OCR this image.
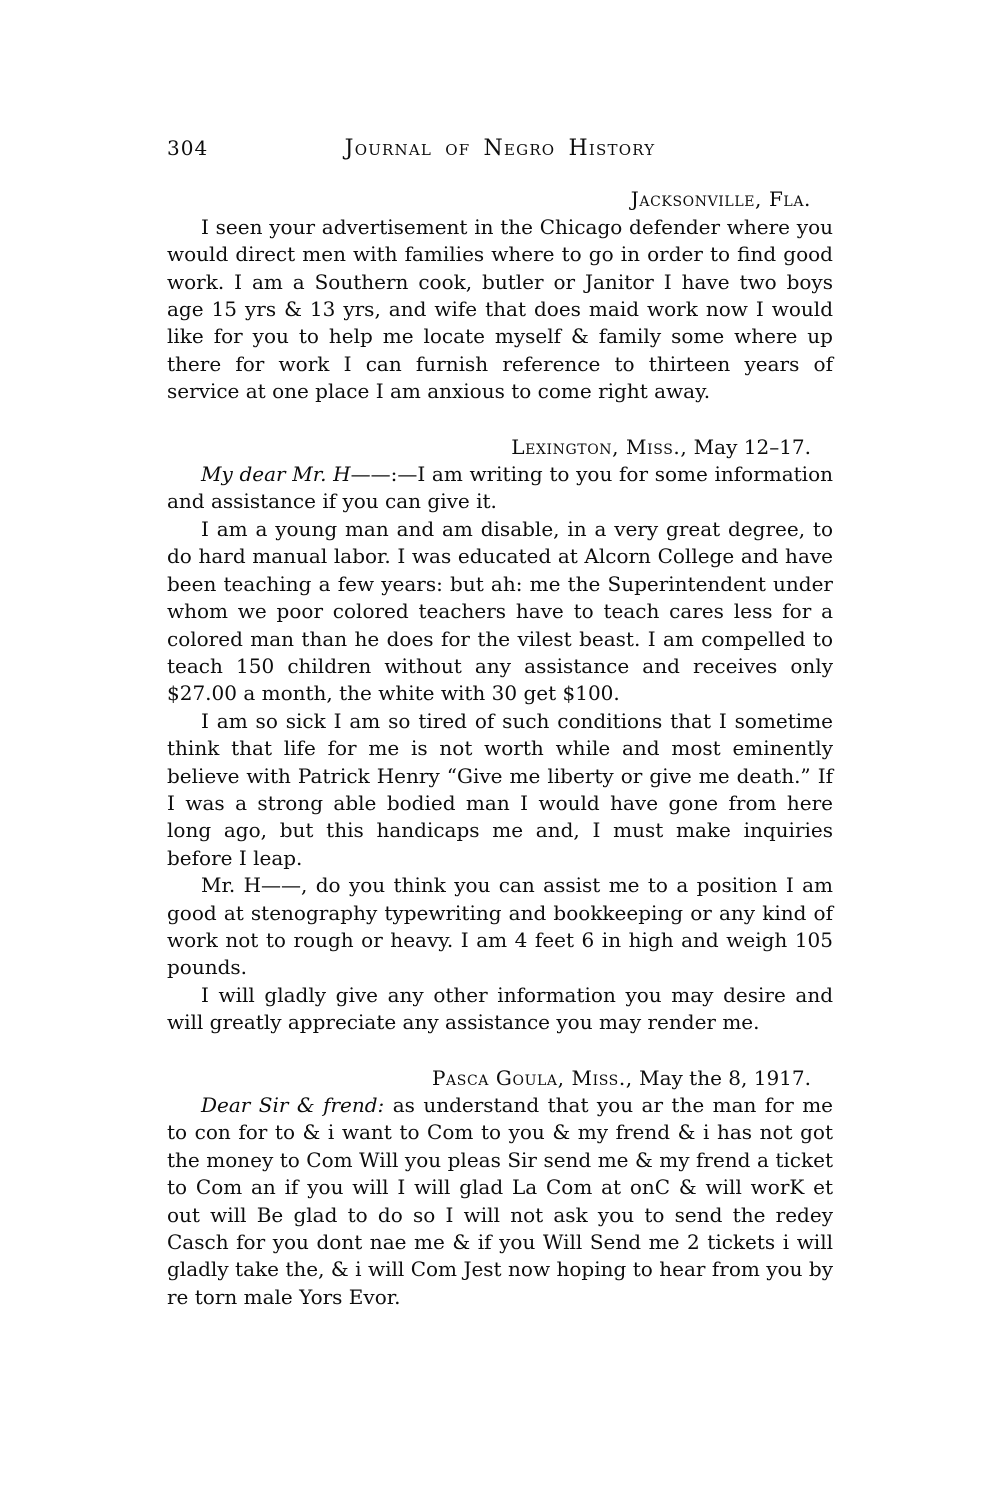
304	Journal of Negro History
Jacksonville, Fla.

I seen your advertisement in the Chicago defender where you would direct men with families where to go in order to find good work. I am a Southern cook, butler or Janitor I have two boys age 15 yrs & 13 yrs, and wife that does maid work now I would like for you to help me locate myself & family some where up there for work I can furnish reference to thirteen years of service at one place I am anxious to come right away.

Lexington, Miss., May 12–17.

My dear Mr. H——:—I am writing to you for some information and assistance if you can give it.

I am a young man and am disable, in a very great degree, to do hard manual labor. I was educated at Alcorn College and have been teaching a few years: but ah: me the Superintendent under whom we poor colored teachers have to teach cares less for a colored man than he does for the vilest beast. I am compelled to teach 150 children without any assistance and receives only $27.00 a month, the white with 30 get $100.

I am so sick I am so tired of such conditions that I sometime think that life for me is not worth while and most eminently believe with Patrick Henry “Give me liberty or give me death.” If I was a strong able bodied man I would have gone from here long ago, but this handicaps me and, I must make inquiries before I leap.

Mr. H——, do you think you can assist me to a position I am good at stenography typewriting and bookkeeping or any kind of work not to rough or heavy. I am 4 feet 6 in high and weigh 105 pounds.

I will gladly give any other information you may desire and will greatly appreciate any assistance you may render me.

Pasca Goula, Miss., May the 8, 1917.

Dear Sir & frend: as understand that you ar the man for me to con for to & i want to Com to you & my frend & i has not got the money to Com Will you pleas Sir send me & my frend a ticket to Com an if you will I will glad La Com at onC & will worK et out will Be glad to do so I will not ask you to send the redey Casch for you dont nae me & if you Will Send me 2 tickets i will gladly take the, & i will Com Jest now hoping to hear from you by re torn male Yors Evor.
